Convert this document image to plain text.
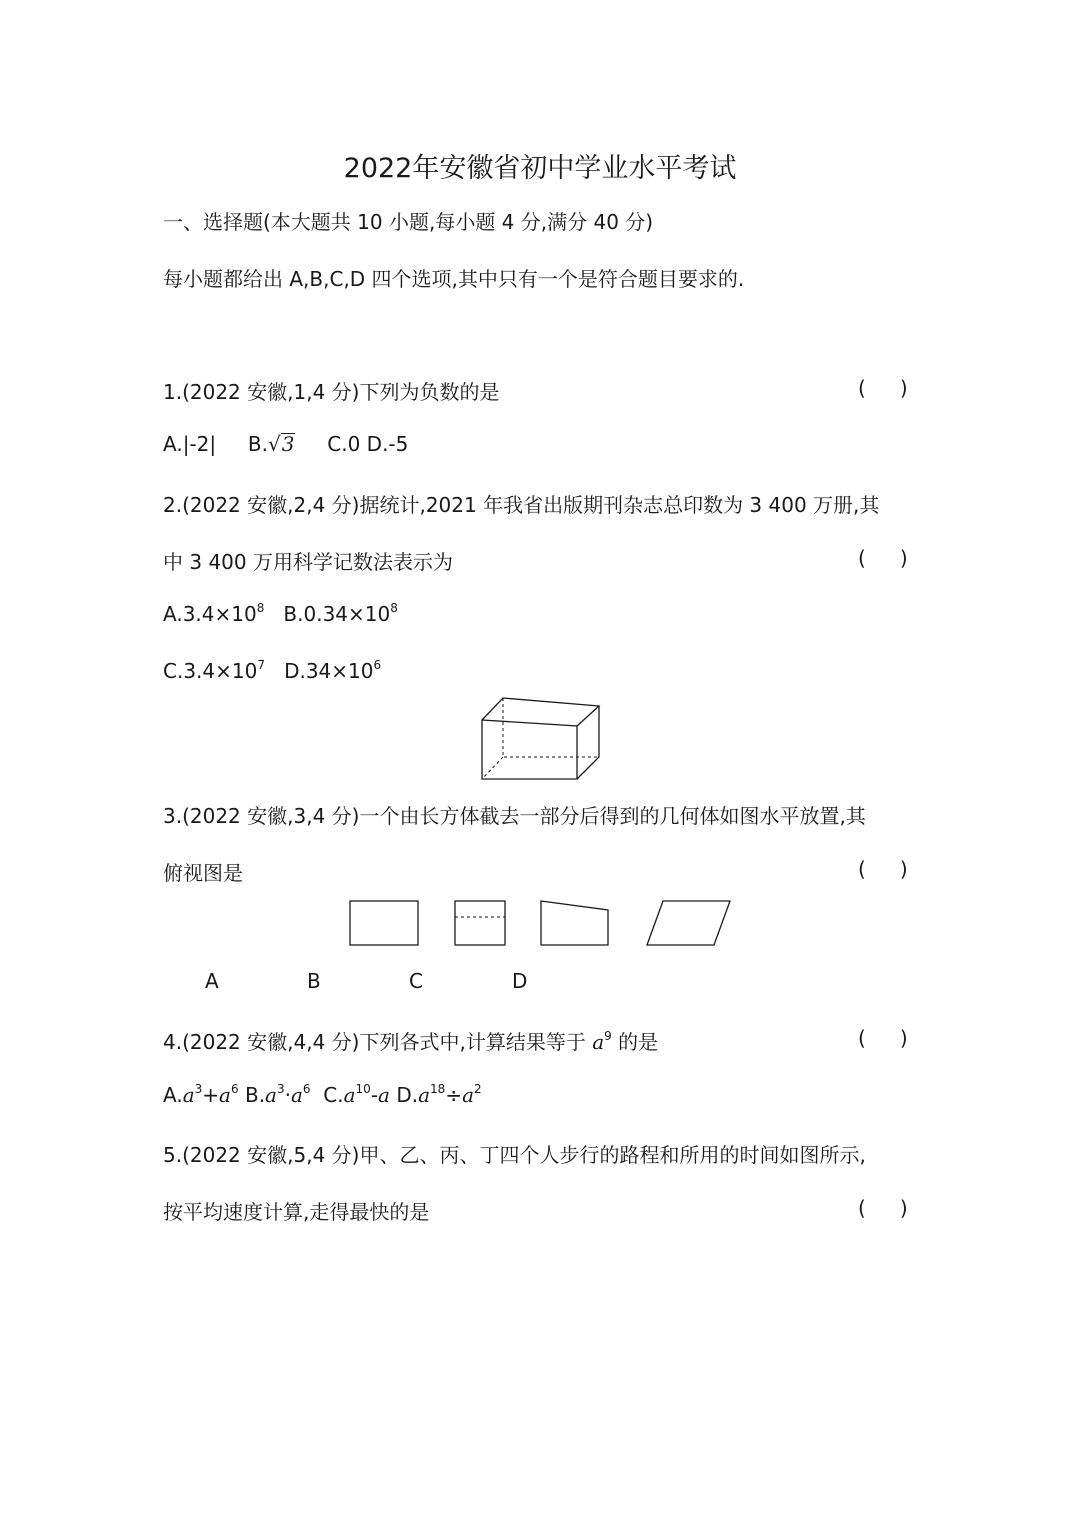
2022年安徽省初中学业水平考试
一、选择题(本大题共 10 小题,每小题 4 分,满分 40 分)
每小题都给出 A,B,C,D 四个选项,其中只有一个是符合题目要求的.
1.(2022 安徽,1,4 分)下列为负数的是	( )
A.|-2| B.√3 C.0 D.-5
2.(2022 安徽,2,4 分)据统计,2021 年我省出版期刊杂志总印数为 3 400 万册,其
中 3 400 万用科学记数法表示为	( )
$A.3.4\times 10^8$ $B.0.34\times 10^8$
$C.3.4\times 10^7$ $D.34\times 10^6$
3.(2022 安徽,3,4 分)一个由长方体截去一部分后得到的几何体如图水平放置,其
俯视图是	( )
A	B	C	D
4.(2022 安徽,4,4 分)下列各式中,计算结果等于 $a^9$ 的是	( )
$A.a^3+a^6$ $B.a^3\cdot a^6$ $C.a^{10}-a$ $D.a^{18}\div a^2$
5.(2022 安徽,5,4 分)甲、乙、丙、丁四个人步行的路程和所用的时间如图所示,
按平均速度计算,走得最快的是	( )
